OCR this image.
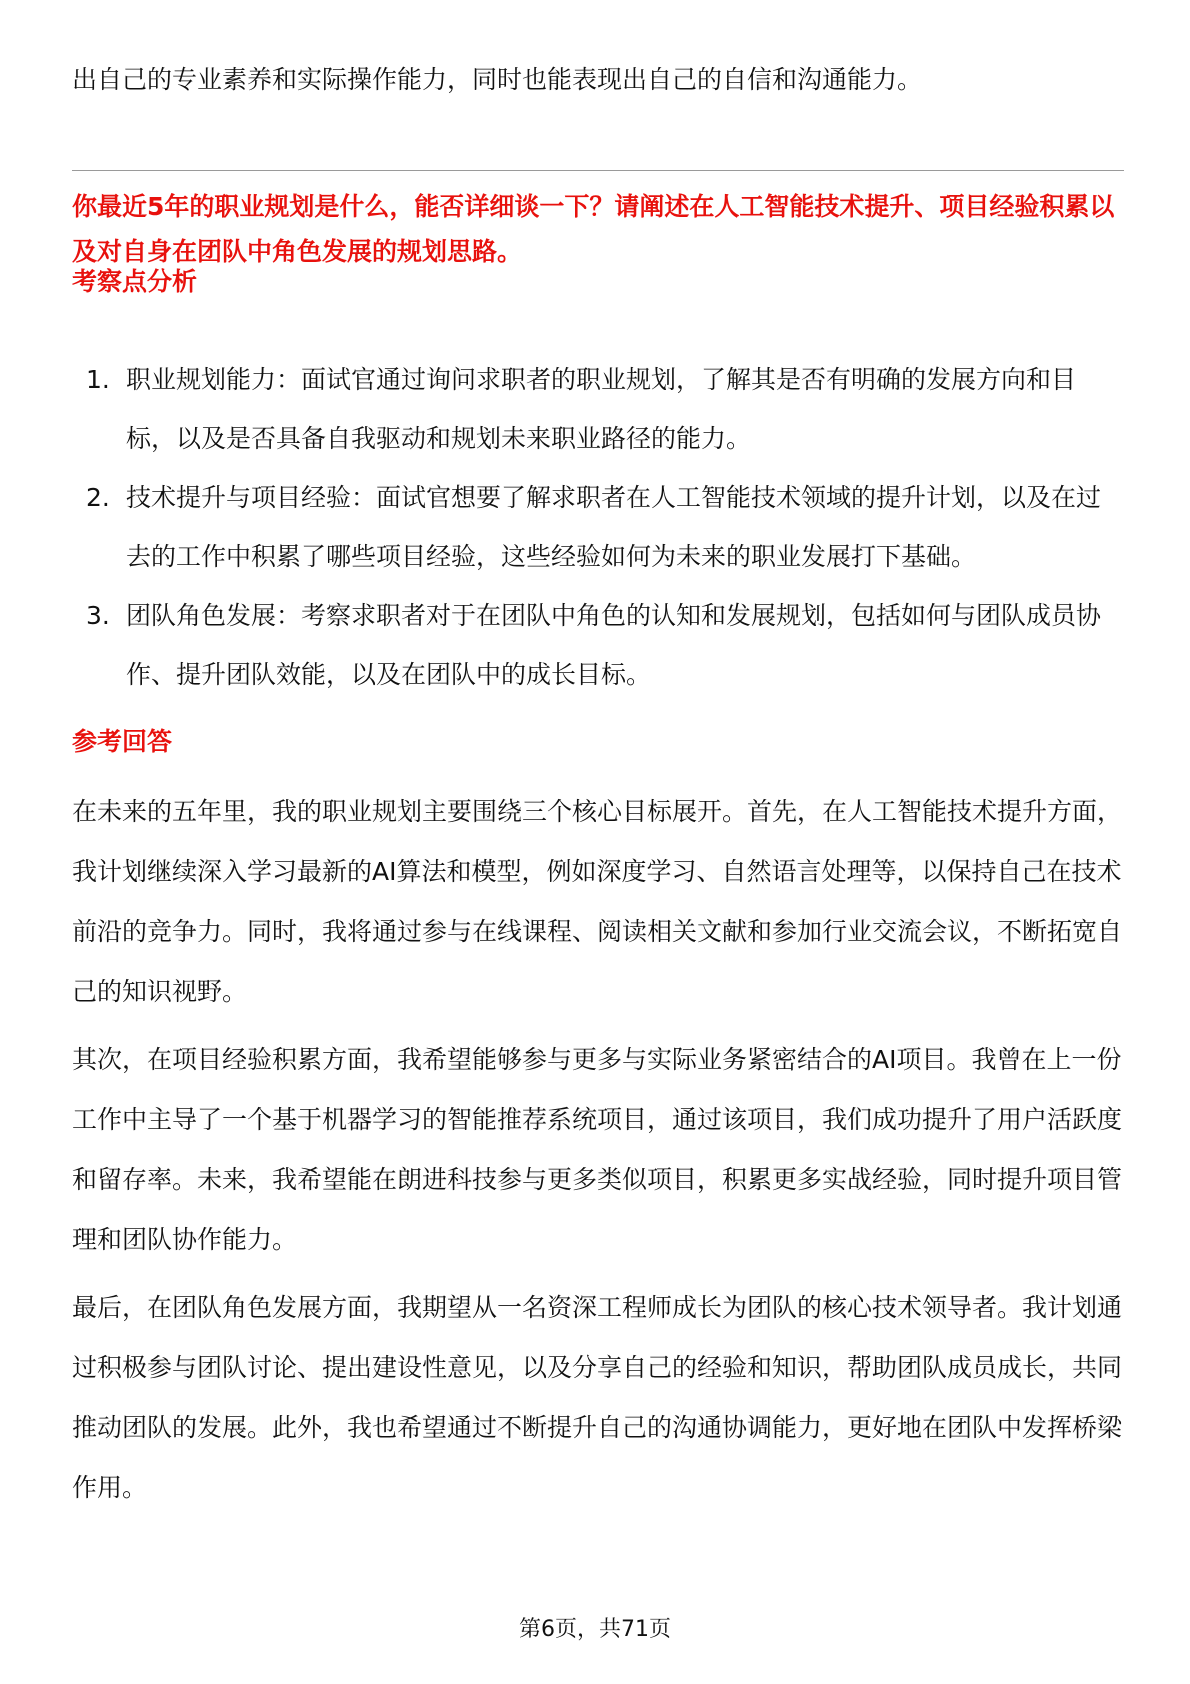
出自己的专业素养和实际操作能力，同时也能表现出自己的自信和沟通能力。

你最近5年的职业规划是什么，能否详细谈一下？请阐述在人工智能技术提升、项目经验积累以及对自身在团队中角色发展的规划思路。

考察点分析
1. 职业规划能力：面试官通过询问求职者的职业规划，了解其是否有明确的发展方向和目标，以及是否具备自我驱动和规划未来职业路径的能力。
2. 技术提升与项目经验：面试官想要了解求职者在人工智能技术领域的提升计划，以及在过去的工作中积累了哪些项目经验，这些经验如何为未来的职业发展打下基础。
3. 团队角色发展：考察求职者对于在团队中角色的认知和发展规划，包括如何与团队成员协作、提升团队效能，以及在团队中的成长目标。
参考回答

在未来的五年里，我的职业规划主要围绕三个核心目标展开。首先，在人工智能技术提升方面，我计划继续深入学习最新的AI算法和模型，例如深度学习、自然语言处理等，以保持自己在技术前沿的竞争力。同时，我将通过参与在线课程、阅读相关文献和参加行业交流会议，不断拓宽自己的知识视野。

其次，在项目经验积累方面，我希望能够参与更多与实际业务紧密结合的AI项目。我曾在上一份工作中主导了一个基于机器学习的智能推荐系统项目，通过该项目，我们成功提升了用户活跃度和留存率。未来，我希望能在朗进科技参与更多类似项目，积累更多实战经验，同时提升项目管理和团队协作能力。

最后，在团队角色发展方面，我期望从一名资深工程师成长为团队的核心技术领导者。我计划通过积极参与团队讨论、提出建设性意见，以及分享自己的经验和知识，帮助团队成员成长，共同推动团队的发展。此外，我也希望通过不断提升自己的沟通协调能力，更好地在团队中发挥桥梁作用。

第6页，共71页
